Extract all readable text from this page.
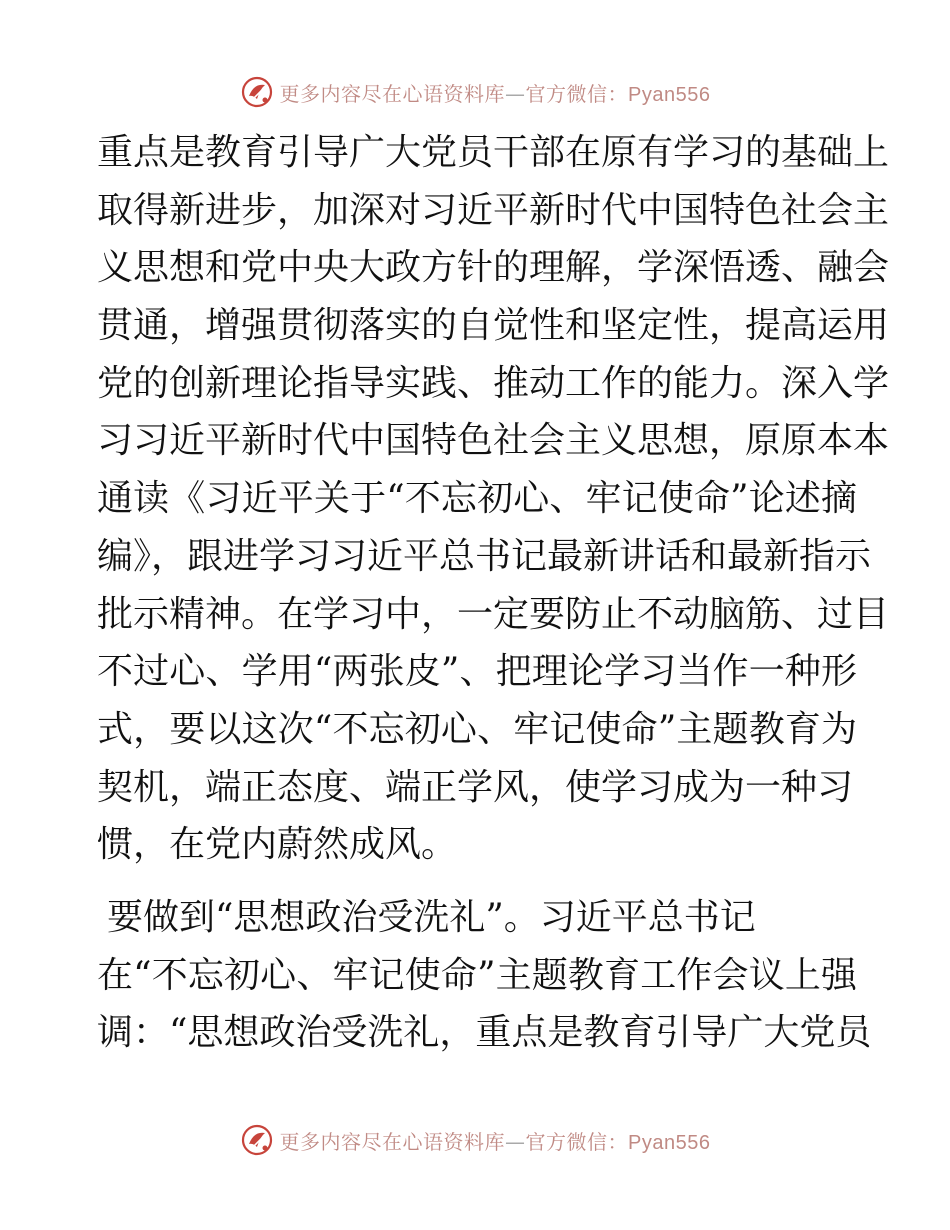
更多内容尽在心语资料库—官方微信：Pyan556

重点是教育引导广大党员干部在原有学习的基础上
取得新进步，加深对习近平新时代中国特色社会主
义思想和党中央大政方针的理解，学深悟透、融会
贯通，增强贯彻落实的自觉性和坚定性，提高运用
党的创新理论指导实践、推动工作的能力。深入学
习习近平新时代中国特色社会主义思想，原原本本
通读《习近平关于“不忘初心、牢记使命”论述摘
编》，跟进学习习近平总书记最新讲话和最新指示
批示精神。在学习中，一定要防止不动脑筋、过目
不过心、学用“两张皮”、把理论学习当作一种形
式，要以这次“不忘初心、牢记使命”主题教育为
契机，端正态度、端正学风，使学习成为一种习
惯，在党内蔚然成风。

要做到“思想政治受洗礼”。习近平总书记
在“不忘初心、牢记使命”主题教育工作会议上强
调：“思想政治受洗礼，重点是教育引导广大党员

更多内容尽在心语资料库—官方微信：Pyan556
